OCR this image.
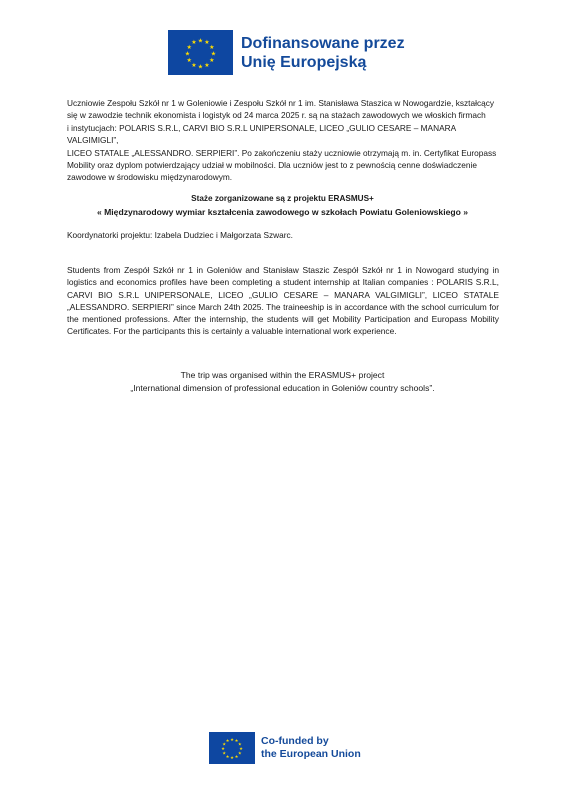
★ ★
★
★
★
★
★
★
★
★
★
★	Dofinansowane przez
Unię Europejską
Uczniowie Zespołu Szkół nr 1 w Goleniowie i Zespołu Szkół nr 1 im. Stanisława Staszica w Nowogardzie, kształcący
się w zawodzie technik ekonomista i logistyk od 24 marca 2025 r. są na stażach zawodowych we włoskich firmach
i instytucjach: POLARIS S.R.L, CARVI BIO S.R.L UNIPERSONALE, LICEO „GULIO CESARE – MANARA VALGIMIGLI”,
LICEO STATALE „ALESSANDRO. SERPIERI”. Po zakończeniu staży uczniowie otrzymają m. in. Certyfikat Europass
Mobility oraz dyplom potwierdzający udział w mobilności. Dla uczniów jest to z pewnością cenne doświadczenie
zawodowe w środowisku międzynarodowym.

Staże zorganizowane są z projektu ERASMUS+

« Międzynarodowy wymiar kształcenia zawodowego w szkołach Powiatu Goleniowskiego »

Koordynatorki projektu: Izabela Dudziec i Małgorzata Szwarc.

Students from Zespół Szkół nr 1 in Goleniów and Stanisław Staszic Zespół Szkół nr 1 in Nowogard studying in logistics and economics profiles have been completing a student internship at Italian companies : POLARIS S.R.L, CARVI BIO S.R.L UNIPERSONALE, LICEO „GULIO CESARE – MANARA VALGIMIGLI”, LICEO STATALE „ALESSANDRO. SERPIERI” since March 24th 2025. The traineeship is in accordance with the school curriculum for the mentioned professions. After the internship, the students will get Mobility Participation and Europass Mobility Certificates. For the participants this is certainly a valuable international work experience.

The trip was organised within the ERASMUS+ project

„International dimension of professional education in Goleniów country schools”.

★ ★
★
★
★
★
★
★
★
★
★
★	Co-funded by
the European Union
